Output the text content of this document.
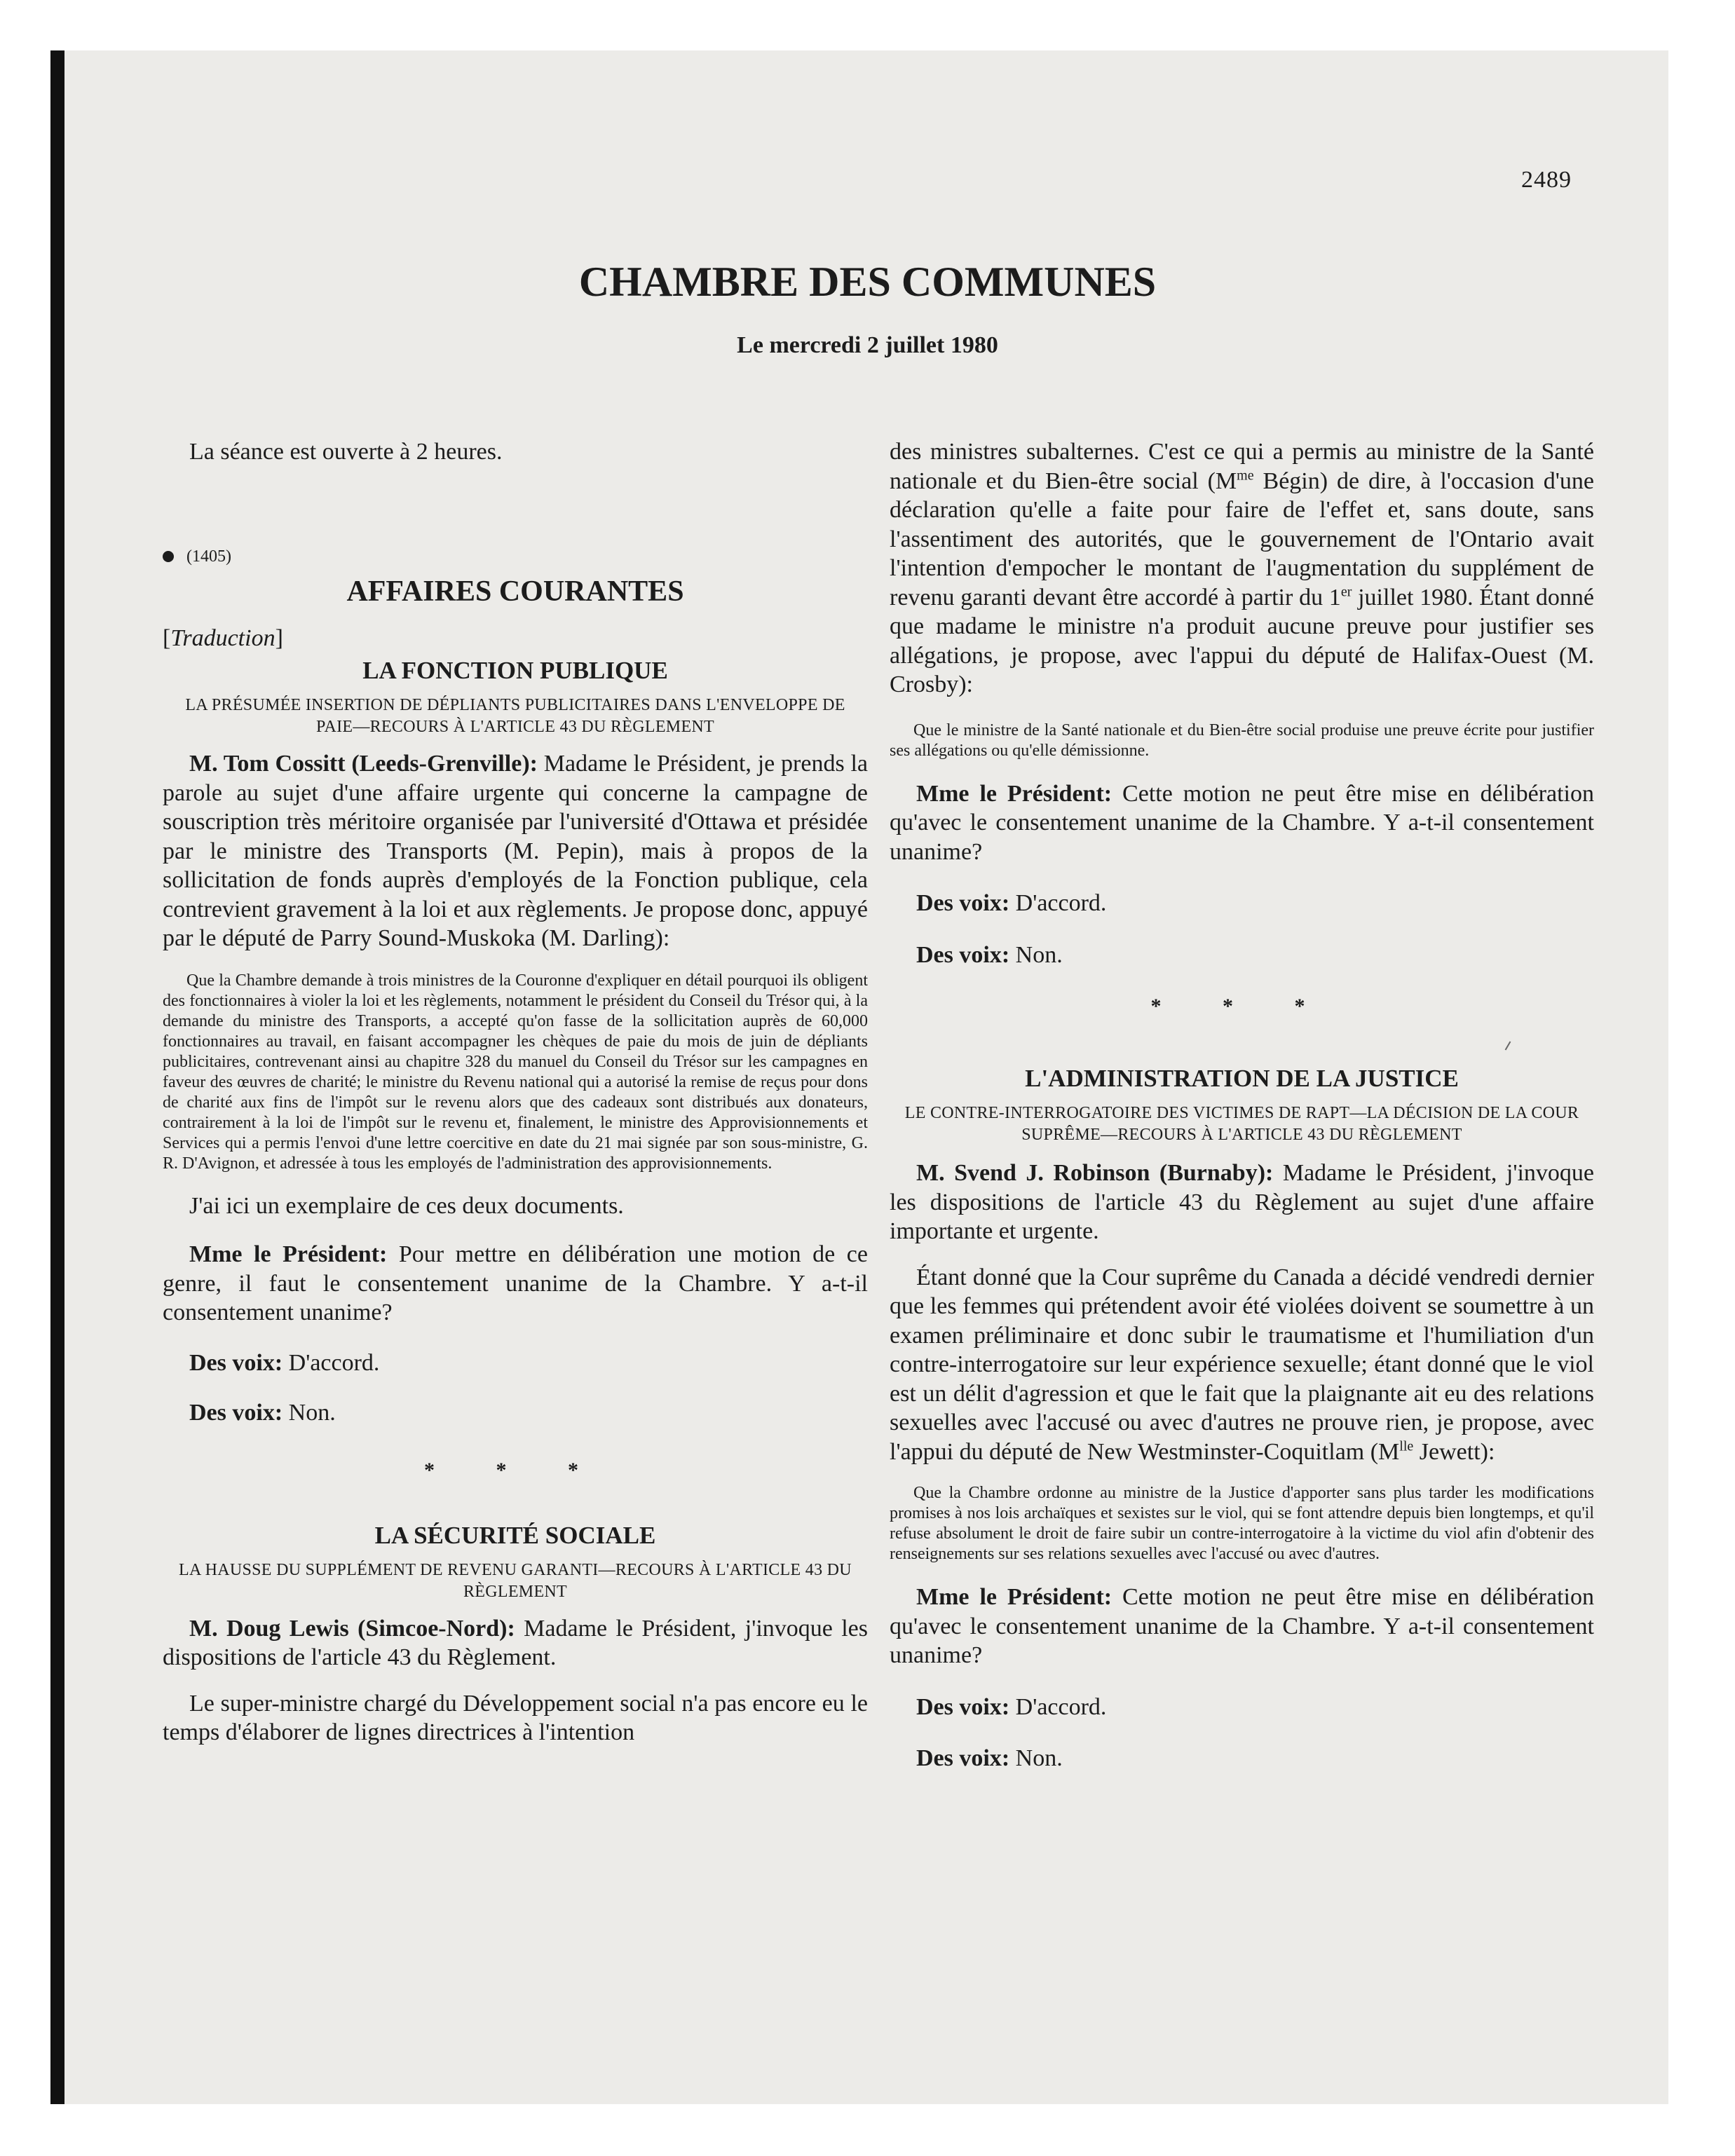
2489
CHAMBRE DES COMMUNES
Le mercredi 2 juillet 1980

La séance est ouverte à 2 heures.

(1405)

AFFAIRES COURANTES

[Traduction]

LA FONCTION PUBLIQUE

LA PRÉSUMÉE INSERTION DE DÉPLIANTS PUBLICITAIRES DANS L'ENVELOPPE DE PAIE—RECOURS À L'ARTICLE 43 DU RÈGLEMENT

M. Tom Cossitt (Leeds-Grenville): Madame le Président, je prends la parole au sujet d'une affaire urgente qui concerne la campagne de souscription très méritoire organisée par l'université d'Ottawa et présidée par le ministre des Transports (M. Pepin), mais à propos de la sollicitation de fonds auprès d'employés de la Fonction publique, cela contrevient gravement à la loi et aux règlements. Je propose donc, appuyé par le député de Parry Sound-Muskoka (M. Darling):

Que la Chambre demande à trois ministres de la Couronne d'expliquer en détail pourquoi ils obligent des fonctionnaires à violer la loi et les règlements, notamment le président du Conseil du Trésor qui, à la demande du ministre des Transports, a accepté qu'on fasse de la sollicitation auprès de 60,000 fonctionnaires au travail, en faisant accompagner les chèques de paie du mois de juin de dépliants publicitaires, contrevenant ainsi au chapitre 328 du manuel du Conseil du Trésor sur les campagnes en faveur des œuvres de charité; le ministre du Revenu national qui a autorisé la remise de reçus pour dons de charité aux fins de l'impôt sur le revenu alors que des cadeaux sont distribués aux donateurs, contrairement à la loi de l'impôt sur le revenu et, finalement, le ministre des Approvisionnements et Services qui a permis l'envoi d'une lettre coercitive en date du 21 mai signée par son sous-ministre, G. R. D'Avignon, et adressée à tous les employés de l'administration des approvisionnements.

J'ai ici un exemplaire de ces deux documents.

Mme le Président: Pour mettre en délibération une motion de ce genre, il faut le consentement unanime de la Chambre. Y a-t-il consentement unanime?

Des voix: D'accord.

Des voix: Non.

* * *

LA SÉCURITÉ SOCIALE

LA HAUSSE DU SUPPLÉMENT DE REVENU GARANTI—RECOURS À L'ARTICLE 43 DU RÈGLEMENT

M. Doug Lewis (Simcoe-Nord): Madame le Président, j'invoque les dispositions de l'article 43 du Règlement.

Le super-ministre chargé du Développement social n'a pas encore eu le temps d'élaborer de lignes directrices à l'intention

des ministres subalternes. C'est ce qui a permis au ministre de la Santé nationale et du Bien-être social ($M^{me}$ Bégin) de dire, à l'occasion d'une déclaration qu'elle a faite pour faire de l'effet et, sans doute, sans l'assentiment des autorités, que le gouvernement de l'Ontario avait l'intention d'empocher le montant de l'augmentation du supplément de revenu garanti devant être accordé à partir du 1er juillet 1980. Étant donné que madame le ministre n'a produit aucune preuve pour justifier ses allégations, je propose, avec l'appui du député de Halifax-Ouest (M. Crosby):

Que le ministre de la Santé nationale et du Bien-être social produise une preuve écrite pour justifier ses allégations ou qu'elle démissionne.

Mme le Président: Cette motion ne peut être mise en délibération qu'avec le consentement unanime de la Chambre. Y a-t-il consentement unanime?

Des voix: D'accord.

Des voix: Non.

* * *

L'ADMINISTRATION DE LA JUSTICE

LE CONTRE-INTERROGATOIRE DES VICTIMES DE RAPT—LA DÉCISION DE LA COUR SUPRÊME—RECOURS À L'ARTICLE 43 DU RÈGLEMENT

M. Svend J. Robinson (Burnaby): Madame le Président, j'invoque les dispositions de l'article 43 du Règlement au sujet d'une affaire importante et urgente.

Étant donné que la Cour suprême du Canada a décidé vendredi dernier que les femmes qui prétendent avoir été violées doivent se soumettre à un examen préliminaire et donc subir le traumatisme et l'humiliation d'un contre-interrogatoire sur leur expérience sexuelle; étant donné que le viol est un délit d'agression et que le fait que la plaignante ait eu des relations sexuelles avec l'accusé ou avec d'autres ne prouve rien, je propose, avec l'appui du député de New Westminster-Coquitlam ($M^{lle}$ Jewett):

Que la Chambre ordonne au ministre de la Justice d'apporter sans plus tarder les modifications promises à nos lois archaïques et sexistes sur le viol, qui se font attendre depuis bien longtemps, et qu'il refuse absolument le droit de faire subir un contre-interrogatoire à la victime du viol afin d'obtenir des renseignements sur ses relations sexuelles avec l'accusé ou avec d'autres.

Mme le Président: Cette motion ne peut être mise en délibération qu'avec le consentement unanime de la Chambre. Y a-t-il consentement unanime?

Des voix: D'accord.

Des voix: Non.
